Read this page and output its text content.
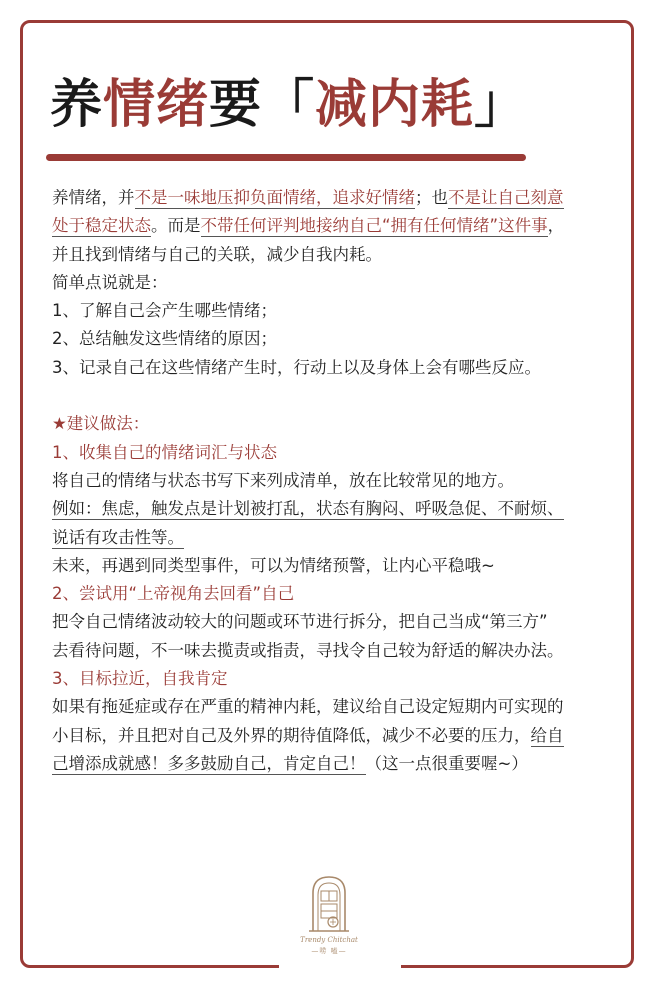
养情绪要「减内耗」
养情绪，并不是一味地压抑负面情绪，追求好情绪；也不是让自己刻意
处于稳定状态。而是不带任何评判地接纳自己“拥有任何情绪”这件事，
并且找到情绪与自己的关联，减少自我内耗。
简单点说就是：
1、了解自己会产生哪些情绪；
2、总结触发这些情绪的原因；
3、记录自己在这些情绪产生时，行动上以及身体上会有哪些反应。
★建议做法：
1、收集自己的情绪词汇与状态
将自己的情绪与状态书写下来列成清单，放在比较常见的地方。
例如：焦虑，触发点是计划被打乱，状态有胸闷、呼吸急促、不耐烦、
说话有攻击性等。
未来，再遇到同类型事件，可以为情绪预警，让内心平稳哦~
2、尝试用“上帝视角去回看”自己
把令自己情绪波动较大的问题或环节进行拆分，把自己当成“第三方”
去看待问题，不一味去揽责或指责，寻找令自己较为舒适的解决办法。
3、目标拉近，自我肯定
如果有拖延症或存在严重的精神内耗，建议给自己设定短期内可实现的
小目标，并且把对自己及外界的期待值降低，减少不必要的压力，给自
己增添成就感！多多鼓励自己，肯定自己！（这一点很重要喔~）
Trendy Chitchat
—唠 嗑—
